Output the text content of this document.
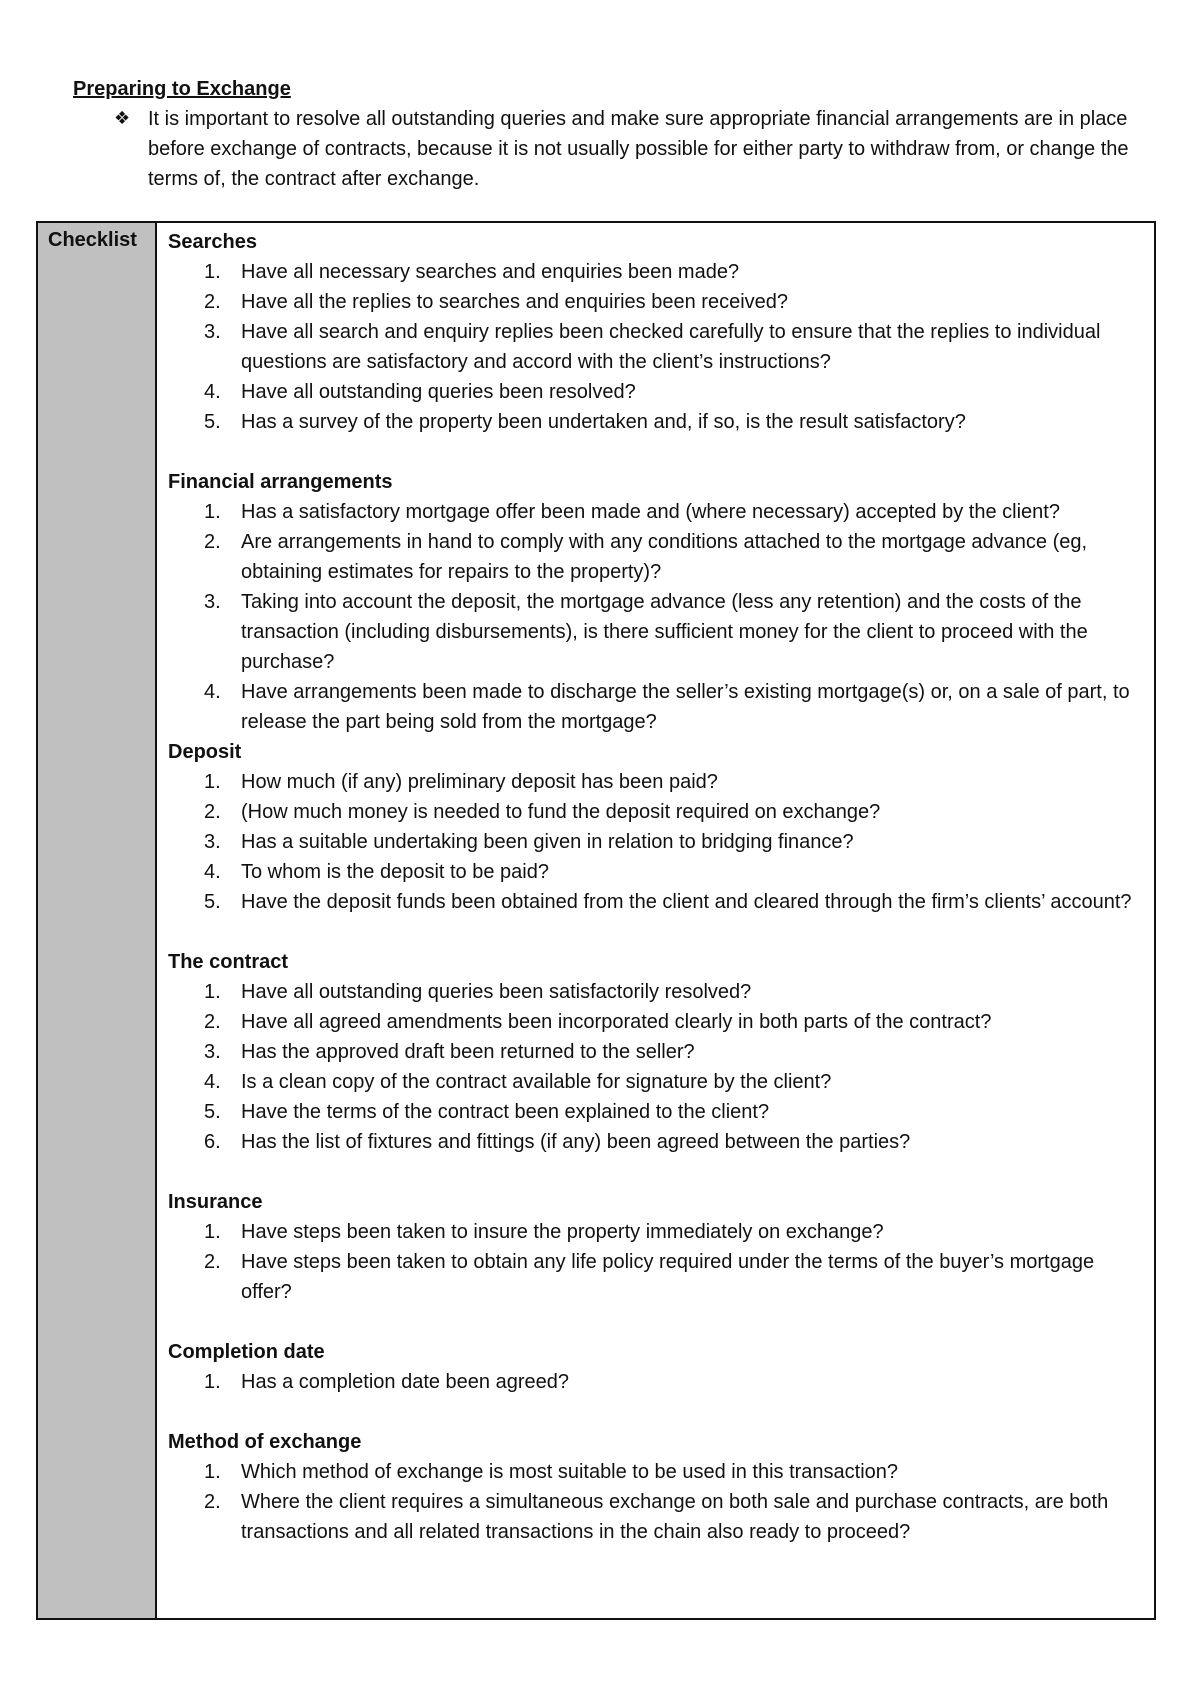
Preparing to Exchange

❖ It is important to resolve all outstanding queries and make sure appropriate financial arrangements are in place before exchange of contracts, because it is not usually possible for either party to withdraw from, or change the terms of, the contract after exchange.
Checklist	Searches

1. Have all necessary searches and enquiries been made?
2. Have all the replies to searches and enquiries been received?
3. Have all search and enquiry replies been checked carefully to ensure that the replies to individual questions are satisfactory and accord with the client’s instructions?
4. Have all outstanding queries been resolved?
5. Has a survey of the property been undertaken and, if so, is the result satisfactory?

Financial arrangements

1. Has a satisfactory mortgage offer been made and (where necessary) accepted by the client?
2. Are arrangements in hand to comply with any conditions attached to the mortgage advance (eg, obtaining estimates for repairs to the property)?
3. Taking into account the deposit, the mortgage advance (less any retention) and the costs of the transaction (including disbursements), is there sufficient money for the client to proceed with the purchase?
4. Have arrangements been made to discharge the seller’s existing mortgage(s) or, on a sale of part, to release the part being sold from the mortgage?

Deposit

1. How much (if any) preliminary deposit has been paid?
2. (How much money is needed to fund the deposit required on exchange?
3. Has a suitable undertaking been given in relation to bridging finance?
4. To whom is the deposit to be paid?
5. Have the deposit funds been obtained from the client and cleared through the firm’s clients’ account?

The contract

1. Have all outstanding queries been satisfactorily resolved?
2. Have all agreed amendments been incorporated clearly in both parts of the contract?
3. Has the approved draft been returned to the seller?
4. Is a clean copy of the contract available for signature by the client?
5. Have the terms of the contract been explained to the client?
6. Has the list of fixtures and fittings (if any) been agreed between the parties?

Insurance

1. Have steps been taken to insure the property immediately on exchange?
2. Have steps been taken to obtain any life policy required under the terms of the buyer’s mortgage offer?

Completion date

1. Has a completion date been agreed?

Method of exchange

1. Which method of exchange is most suitable to be used in this transaction?
2. Where the client requires a simultaneous exchange on both sale and purchase contracts, are both transactions and all related transactions in the chain also ready to proceed?
